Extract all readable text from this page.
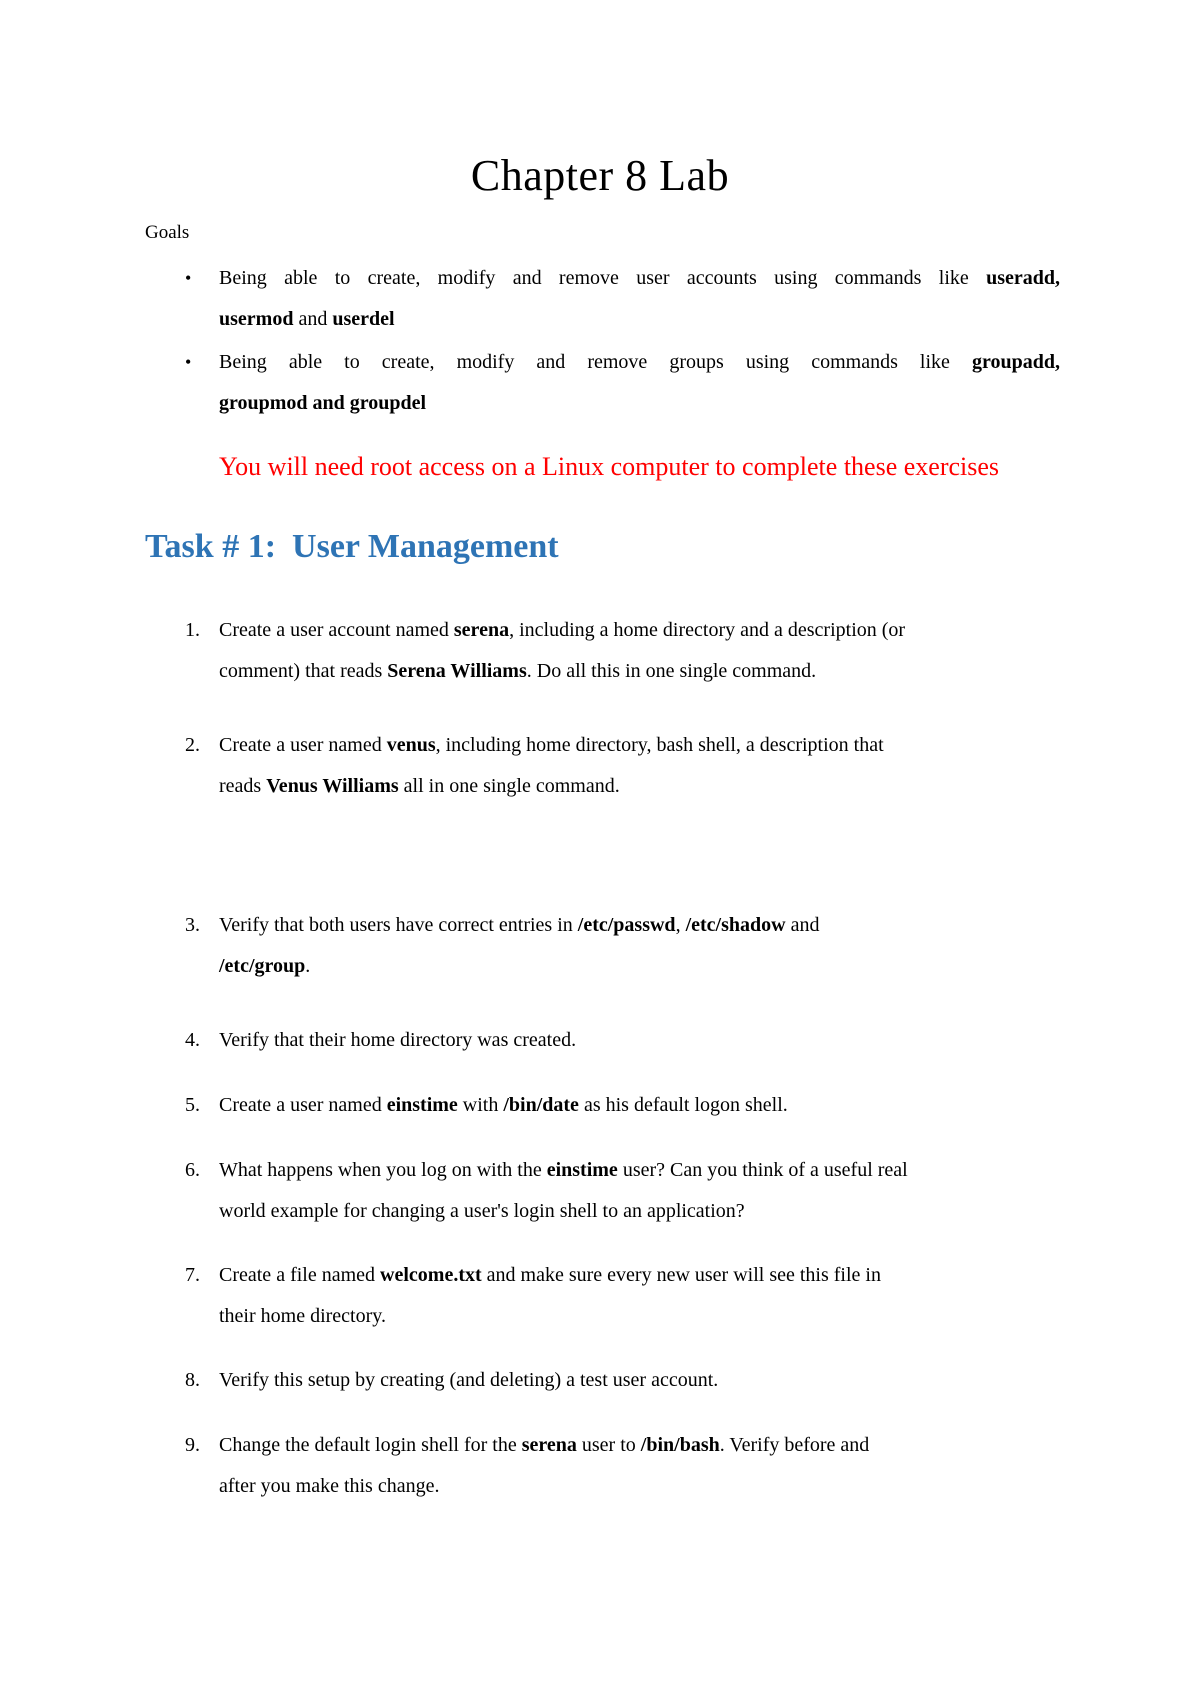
Chapter 8 Lab
Goals
• Being able to create, modify and remove user accounts using commands like useradd,
usermod and userdel
• Being able to create, modify and remove groups using commands like groupadd,
groupmod and groupdel
You will need root access on a Linux computer to complete these exercises
Task # 1: User Management
1. Create a user account named serena, including a home directory and a description (or
comment) that reads Serena Williams. Do all this in one single command.
2. Create a user named venus, including home directory, bash shell, a description that
reads Venus Williams all in one single command.
3. Verify that both users have correct entries in /etc/passwd, /etc/shadow and
/etc/group.
4. Verify that their home directory was created.
5. Create a user named einstime with /bin/date as his default logon shell.
6. What happens when you log on with the einstime user? Can you think of a useful real
world example for changing a user's login shell to an application?
7. Create a file named welcome.txt and make sure every new user will see this file in
their home directory.
8. Verify this setup by creating (and deleting) a test user account.
9. Change the default login shell for the serena user to /bin/bash. Verify before and
after you make this change.
